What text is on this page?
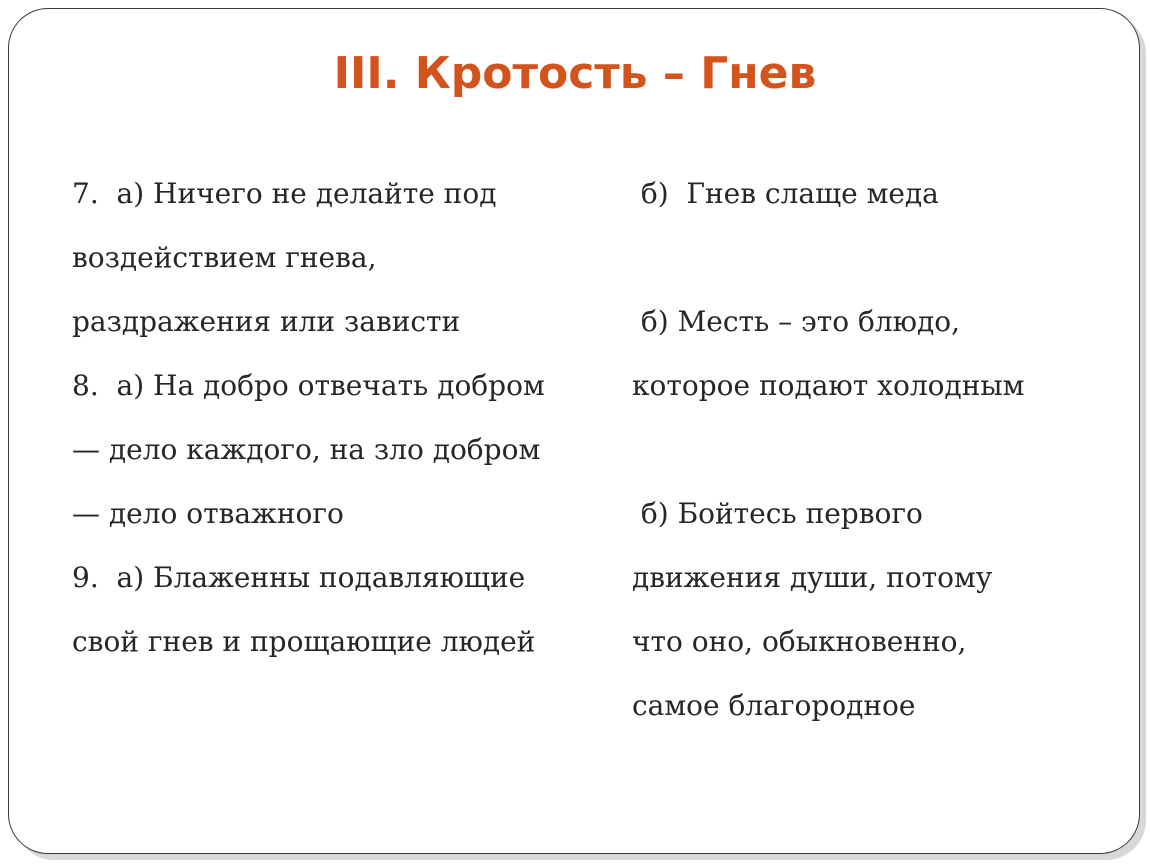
III. Кротость – Гнев
7.  а) Ничего не делайте под
воздействием гнева,
раздражения или зависти
8.  а) На добро отвечать добром
— дело каждого, на зло добром
— дело отважного
9.  а) Блаженны подавляющие
свой гнев и прощающие людей
б)  Гнев слаще меда
б) Месть – это блюдо,
которое подают холодным
б) Бойтесь первого
движения души, потому
что оно, обыкновенно,
самое благородное
